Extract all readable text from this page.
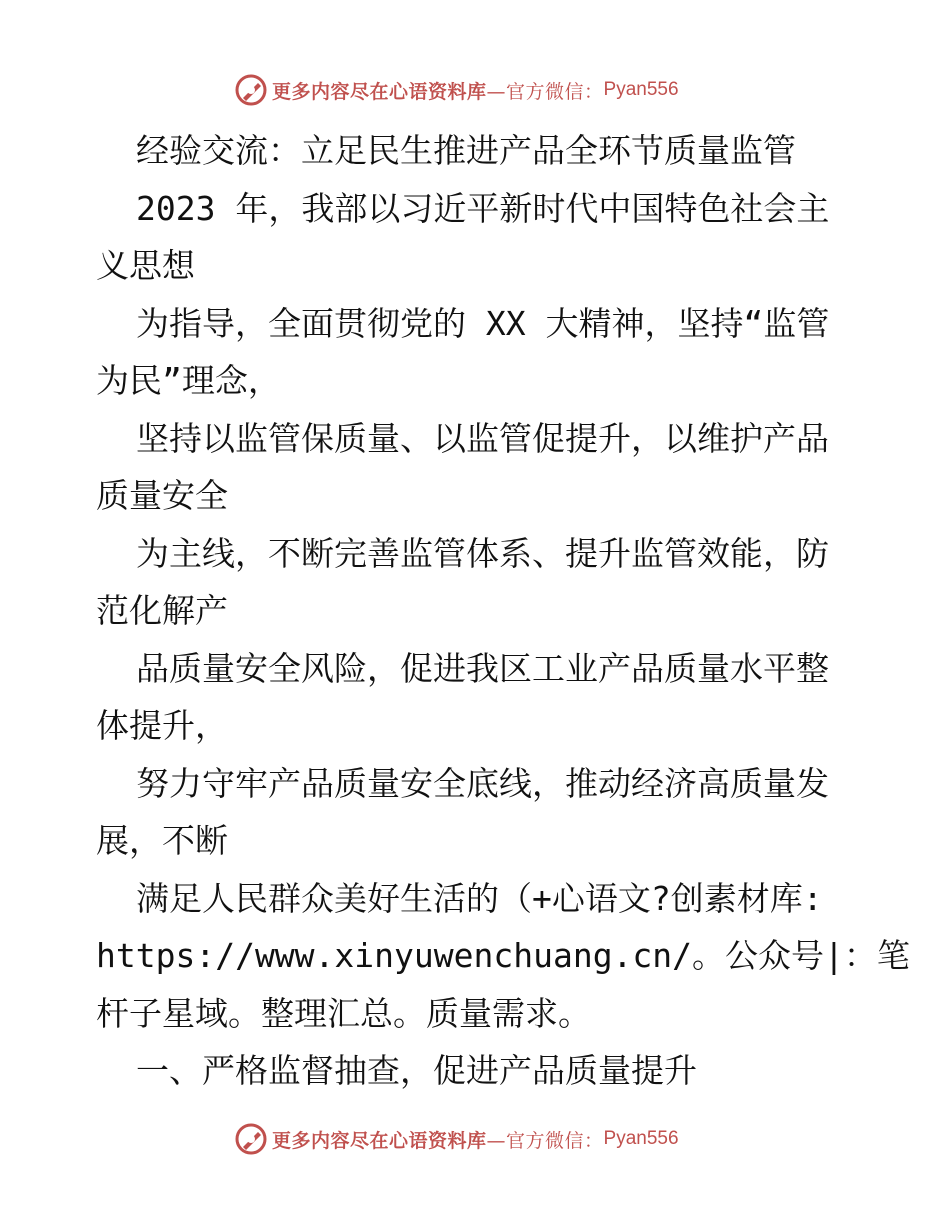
更多内容尽在心语资料库 —官方微信： Pyan556
经验交流：立足民生推进产品全环节质量监管
2023 年，我部以习近平新时代中国特色社会主
义思想
为指导，全面贯彻党的 XX 大精神，坚持“监管
为民”理念，
坚持以监管保质量、以监管促提升，以维护产品
质量安全
为主线，不断完善监管体系、提升监管效能，防
范化解产
品质量安全风险，促进我区工业产品质量水平整
体提升，
努力守牢产品质量安全底线，推动经济高质量发
展，不断
满足人民群众美好生活的（+心语文?创素材库:
https://www.xinyuwenchuang.cn/。公众号|：笔
杆子星域。整理汇总。质量需求。
一、严格监督抽查，促进产品质量提升
更多内容尽在心语资料库 —官方微信： Pyan556
